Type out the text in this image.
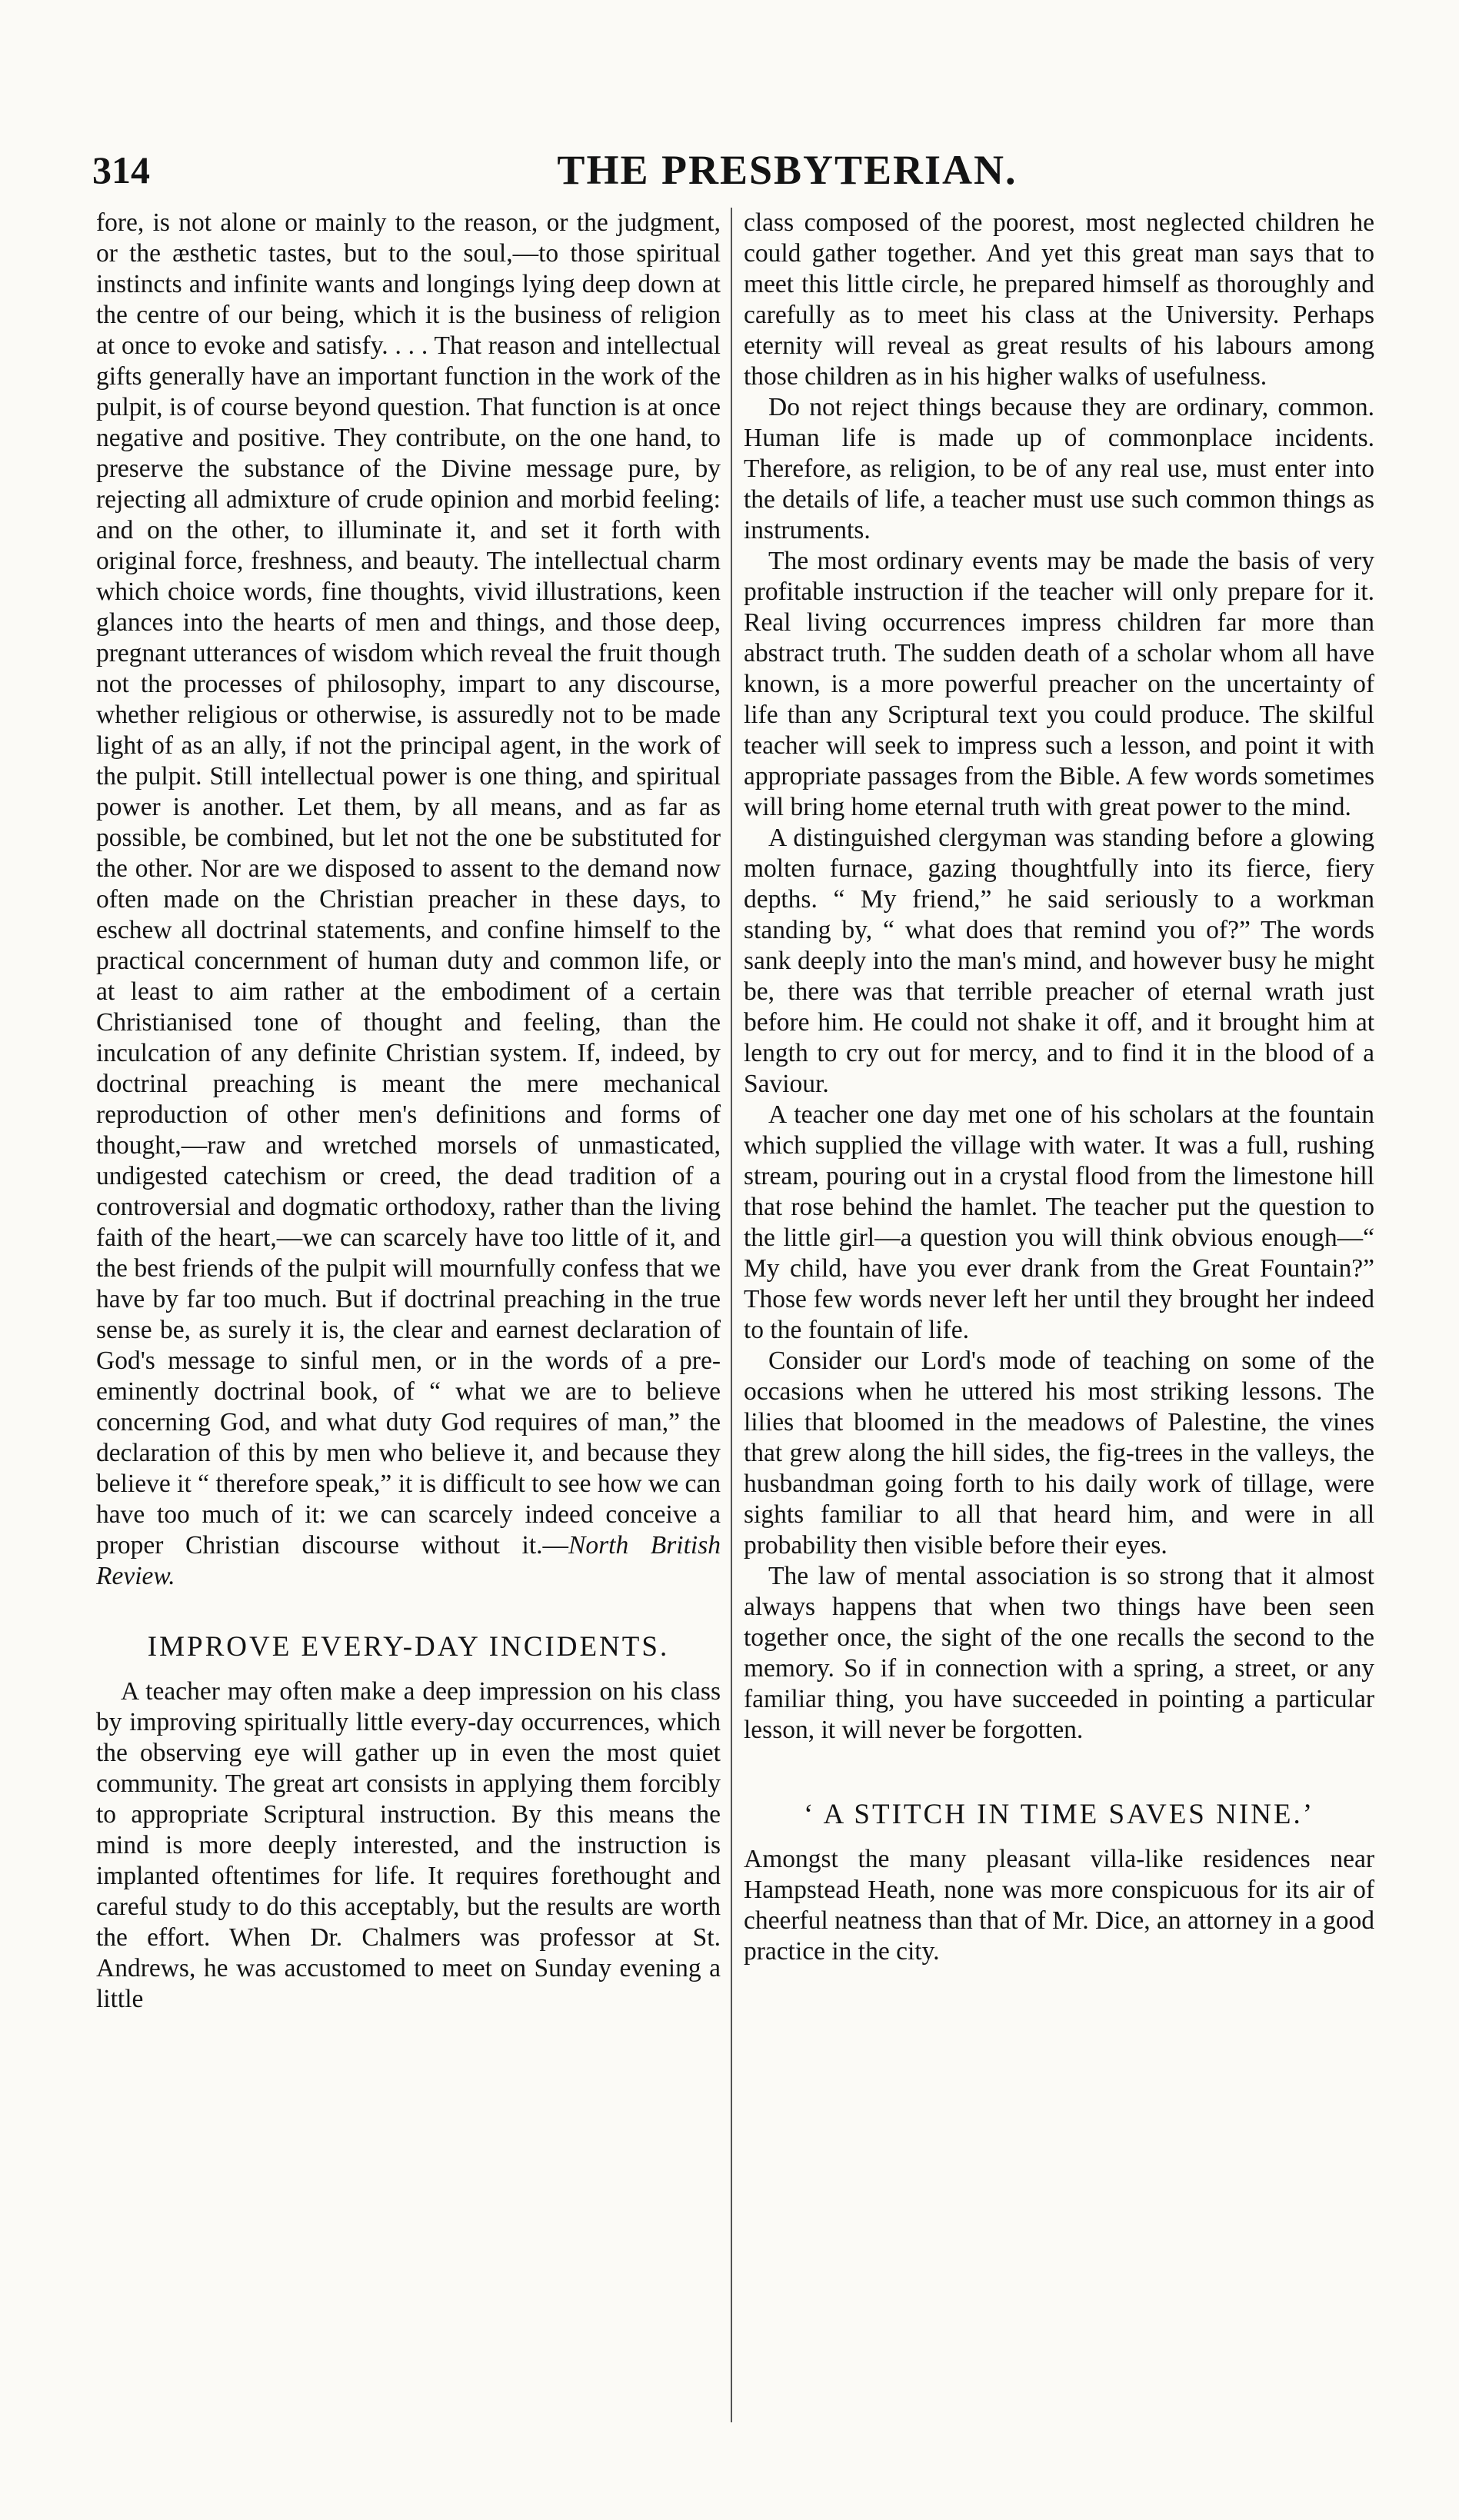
314	THE PRESBYTERIAN.

fore, is not alone or mainly to the reason, or the judgment, or the æsthetic tastes, but to the soul,—to those spiritual instincts and infinite wants and longings lying deep down at the centre of our being, which it is the business of religion at once to evoke and satisfy. . . . That reason and intellectual gifts generally have an important function in the work of the pulpit, is of course beyond question. That function is at once negative and positive. They contribute, on the one hand, to preserve the substance of the Divine message pure, by rejecting all admixture of crude opinion and morbid feeling: and on the other, to illuminate it, and set it forth with original force, freshness, and beauty. The intellectual charm which choice words, fine thoughts, vivid illustrations, keen glances into the hearts of men and things, and those deep, pregnant utterances of wisdom which reveal the fruit though not the processes of philosophy, impart to any discourse, whether religious or otherwise, is assuredly not to be made light of as an ally, if not the principal agent, in the work of the pulpit. Still intellectual power is one thing, and spiritual power is another. Let them, by all means, and as far as possible, be combined, but let not the one be substituted for the other. Nor are we disposed to assent to the demand now often made on the Christian preacher in these days, to eschew all doctrinal statements, and confine himself to the practical concernment of human duty and common life, or at least to aim rather at the embodiment of a certain Christianised tone of thought and feeling, than the inculcation of any definite Christian system. If, indeed, by doctrinal preaching is meant the mere mechanical reproduction of other men's definitions and forms of thought,—raw and wretched morsels of unmasticated, undigested catechism or creed, the dead tradition of a controversial and dogmatic orthodoxy, rather than the living faith of the heart,—we can scarcely have too little of it, and the best friends of the pulpit will mournfully confess that we have by far too much. But if doctrinal preaching in the true sense be, as surely it is, the clear and earnest declaration of God's message to sinful men, or in the words of a pre-eminently doctrinal book, of “ what we are to believe concerning God, and what duty God requires of man,” the declaration of this by men who believe it, and because they believe it “ therefore speak,” it is difficult to see how we can have too much of it: we can scarcely indeed conceive a proper Christian discourse without it.—North British Review.

IMPROVE EVERY-DAY INCIDENTS.

A teacher may often make a deep impression on his class by improving spiritually little every-day occurrences, which the observing eye will gather up in even the most quiet community. The great art consists in applying them forcibly to appropriate Scriptural instruction. By this means the mind is more deeply interested, and the instruction is implanted oftentimes for life. It requires forethought and careful study to do this acceptably, but the results are worth the effort. When Dr. Chalmers was professor at St. Andrews, he was accustomed to meet on Sunday evening a little

class composed of the poorest, most neglected children he could gather together. And yet this great man says that to meet this little circle, he prepared himself as thoroughly and carefully as to meet his class at the University. Perhaps eternity will reveal as great results of his labours among those children as in his higher walks of usefulness.

Do not reject things because they are ordinary, common. Human life is made up of commonplace incidents. Therefore, as religion, to be of any real use, must enter into the details of life, a teacher must use such common things as instruments.

The most ordinary events may be made the basis of very profitable instruction if the teacher will only prepare for it. Real living occurrences impress children far more than abstract truth. The sudden death of a scholar whom all have known, is a more powerful preacher on the uncertainty of life than any Scriptural text you could produce. The skilful teacher will seek to impress such a lesson, and point it with appropriate passages from the Bible. A few words sometimes will bring home eternal truth with great power to the mind.

A distinguished clergyman was standing before a glowing molten furnace, gazing thoughtfully into its fierce, fiery depths. “ My friend,” he said seriously to a workman standing by, “ what does that remind you of?” The words sank deeply into the man's mind, and however busy he might be, there was that terrible preacher of eternal wrath just before him. He could not shake it off, and it brought him at length to cry out for mercy, and to find it in the blood of a Saviour.

A teacher one day met one of his scholars at the fountain which supplied the village with water. It was a full, rushing stream, pouring out in a crystal flood from the limestone hill that rose behind the hamlet. The teacher put the question to the little girl—a question you will think obvious enough—“ My child, have you ever drank from the Great Fountain?” Those few words never left her until they brought her indeed to the fountain of life.

Consider our Lord's mode of teaching on some of the occasions when he uttered his most striking lessons. The lilies that bloomed in the meadows of Palestine, the vines that grew along the hill sides, the fig-trees in the valleys, the husbandman going forth to his daily work of tillage, were sights familiar to all that heard him, and were in all probability then visible before their eyes.

The law of mental association is so strong that it almost always happens that when two things have been seen together once, the sight of the one recalls the second to the memory. So if in connection with a spring, a street, or any familiar thing, you have succeeded in pointing a particular lesson, it will never be forgotten.

‘ A STITCH IN TIME SAVES NINE.’

Amongst the many pleasant villa-like residences near Hampstead Heath, none was more conspicuous for its air of cheerful neatness than that of Mr. Dice, an attorney in a good practice in the city.
